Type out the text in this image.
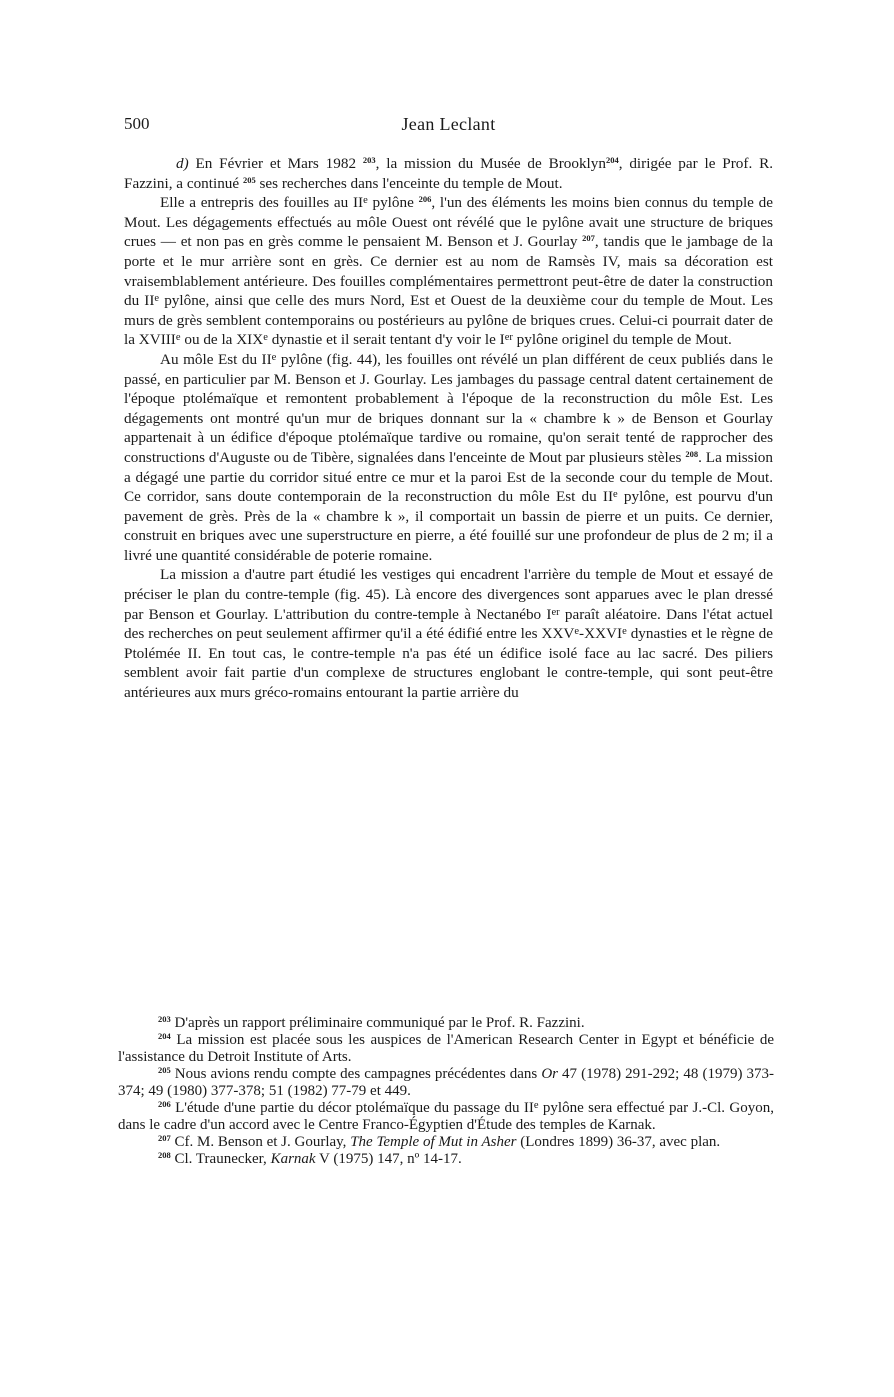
500	Jean Leclant

d) En Février et Mars 1982 $^{203}$, la mission du Musée de Brooklyn$^{204}$, dirigée par le Prof. R. Fazzini, a continué $^{205}$ ses recherches dans l'enceinte du temple de Mout.

Elle a entrepris des fouilles au IIe pylône $^{206}$, l'un des éléments les moins bien connus du temple de Mout. Les dégagements effectués au môle Ouest ont révélé que le pylône avait une structure de briques crues — et non pas en grès comme le pensaient M. Benson et J. Gourlay $^{207}$, tandis que le jambage de la porte et le mur arrière sont en grès. Ce dernier est au nom de Ramsès IV, mais sa décoration est vraisemblablement antérieure. Des fouilles complémentaires permettront peut-être de dater la construction du IIe pylône, ainsi que celle des murs Nord, Est et Ouest de la deuxième cour du temple de Mout. Les murs de grès semblent contemporains ou postérieurs au pylône de briques crues. Celui-ci pourrait dater de la XVIIIe ou de la XIXe dynastie et il serait tentant d'y voir le Ier pylône originel du temple de Mout.

Au môle Est du IIe pylône (fig. 44), les fouilles ont révélé un plan différent de ceux publiés dans le passé, en particulier par M. Benson et J. Gourlay. Les jambages du passage central datent certainement de l'époque ptolémaïque et remontent probablement à l'époque de la reconstruction du môle Est. Les dégagements ont montré qu'un mur de briques donnant sur la « chambre k » de Benson et Gourlay appartenait à un édifice d'époque ptolémaïque tardive ou romaine, qu'on serait tenté de rapprocher des constructions d'Auguste ou de Tibère, signalées dans l'enceinte de Mout par plusieurs stèles $^{208}$. La mission a dégagé une partie du corridor situé entre ce mur et la paroi Est de la seconde cour du temple de Mout. Ce corridor, sans doute contemporain de la reconstruction du môle Est du IIe pylône, est pourvu d'un pavement de grès. Près de la « chambre k », il comportait un bassin de pierre et un puits. Ce dernier, construit en briques avec une superstructure en pierre, a été fouillé sur une profondeur de plus de 2 m; il a livré une quantité considérable de poterie romaine.

La mission a d'autre part étudié les vestiges qui encadrent l'arrière du temple de Mout et essayé de préciser le plan du contre-temple (fig. 45). Là encore des divergences sont apparues avec le plan dressé par Benson et Gourlay. L'attribution du contre-temple à Nectanébo Ier paraît aléatoire. Dans l'état actuel des recherches on peut seulement affirmer qu'il a été édifié entre les XXVe-XXVIe dynasties et le règne de Ptolémée II. En tout cas, le contre-temple n'a pas été un édifice isolé face au lac sacré. Des piliers semblent avoir fait partie d'un complexe de structures englobant le contre-temple, qui sont peut-être antérieures aux murs gréco-romains entourant la partie arrière du

$^{203}$ D'après un rapport préliminaire communiqué par le Prof. R. Fazzini.

$^{204}$ La mission est placée sous les auspices de l'American Research Center in Egypt et bénéficie de l'assistance du Detroit Institute of Arts.

$^{205}$ Nous avions rendu compte des campagnes précédentes dans Or 47 (1978) 291-292; 48 (1979) 373-374; 49 (1980) 377-378; 51 (1982) 77-79 et 449.

$^{206}$ L'étude d'une partie du décor ptolémaïque du passage du IIe pylône sera effectué par J.-Cl. Goyon, dans le cadre d'un accord avec le Centre Franco-Égyptien d'Étude des temples de Karnak.

$^{207}$ Cf. M. Benson et J. Gourlay, The Temple of Mut in Asher (Londres 1899) 36-37, avec plan.

$^{208}$ Cl. Traunecker, Karnak V (1975) 147, nº 14-17.
